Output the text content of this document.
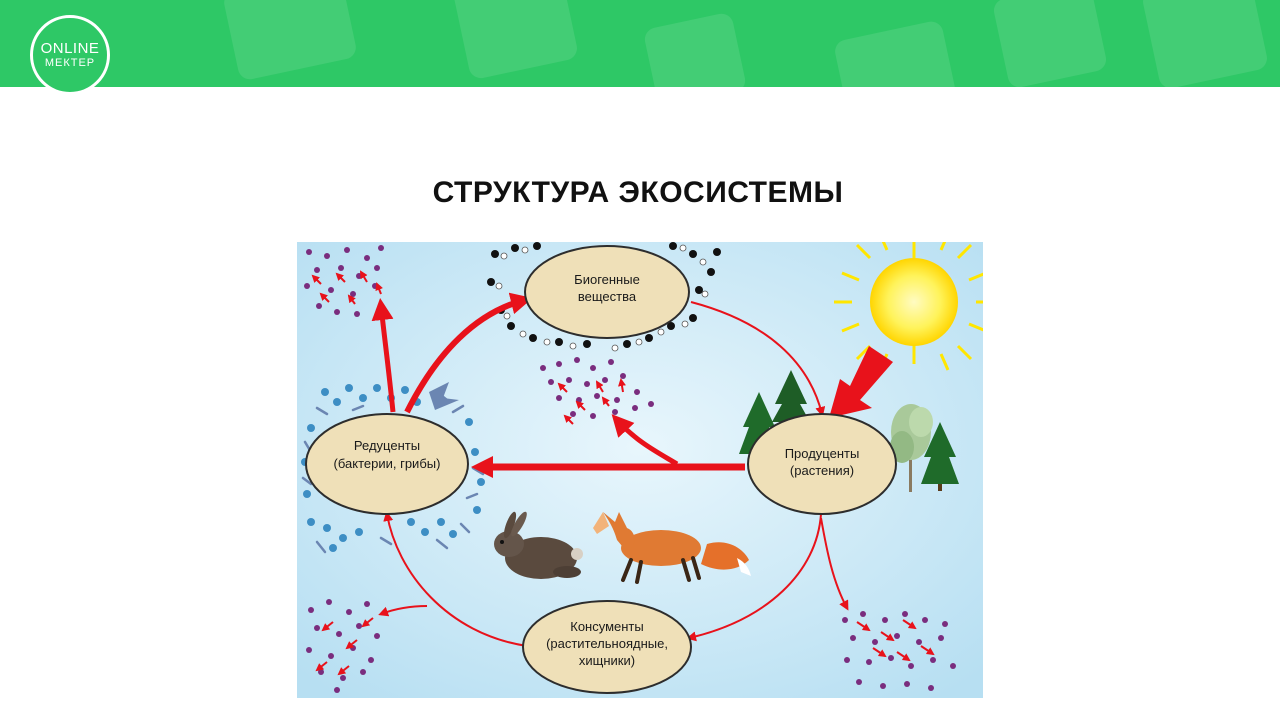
ONLINE
МЕКТЕР
СТРУКТУРА ЭКОСИСТЕМЫ
Биогенные
вещества
Продуценты
(растения)
Редуценты
(бактерии, грибы)
Консументы
(растительноядные,
хищники)
